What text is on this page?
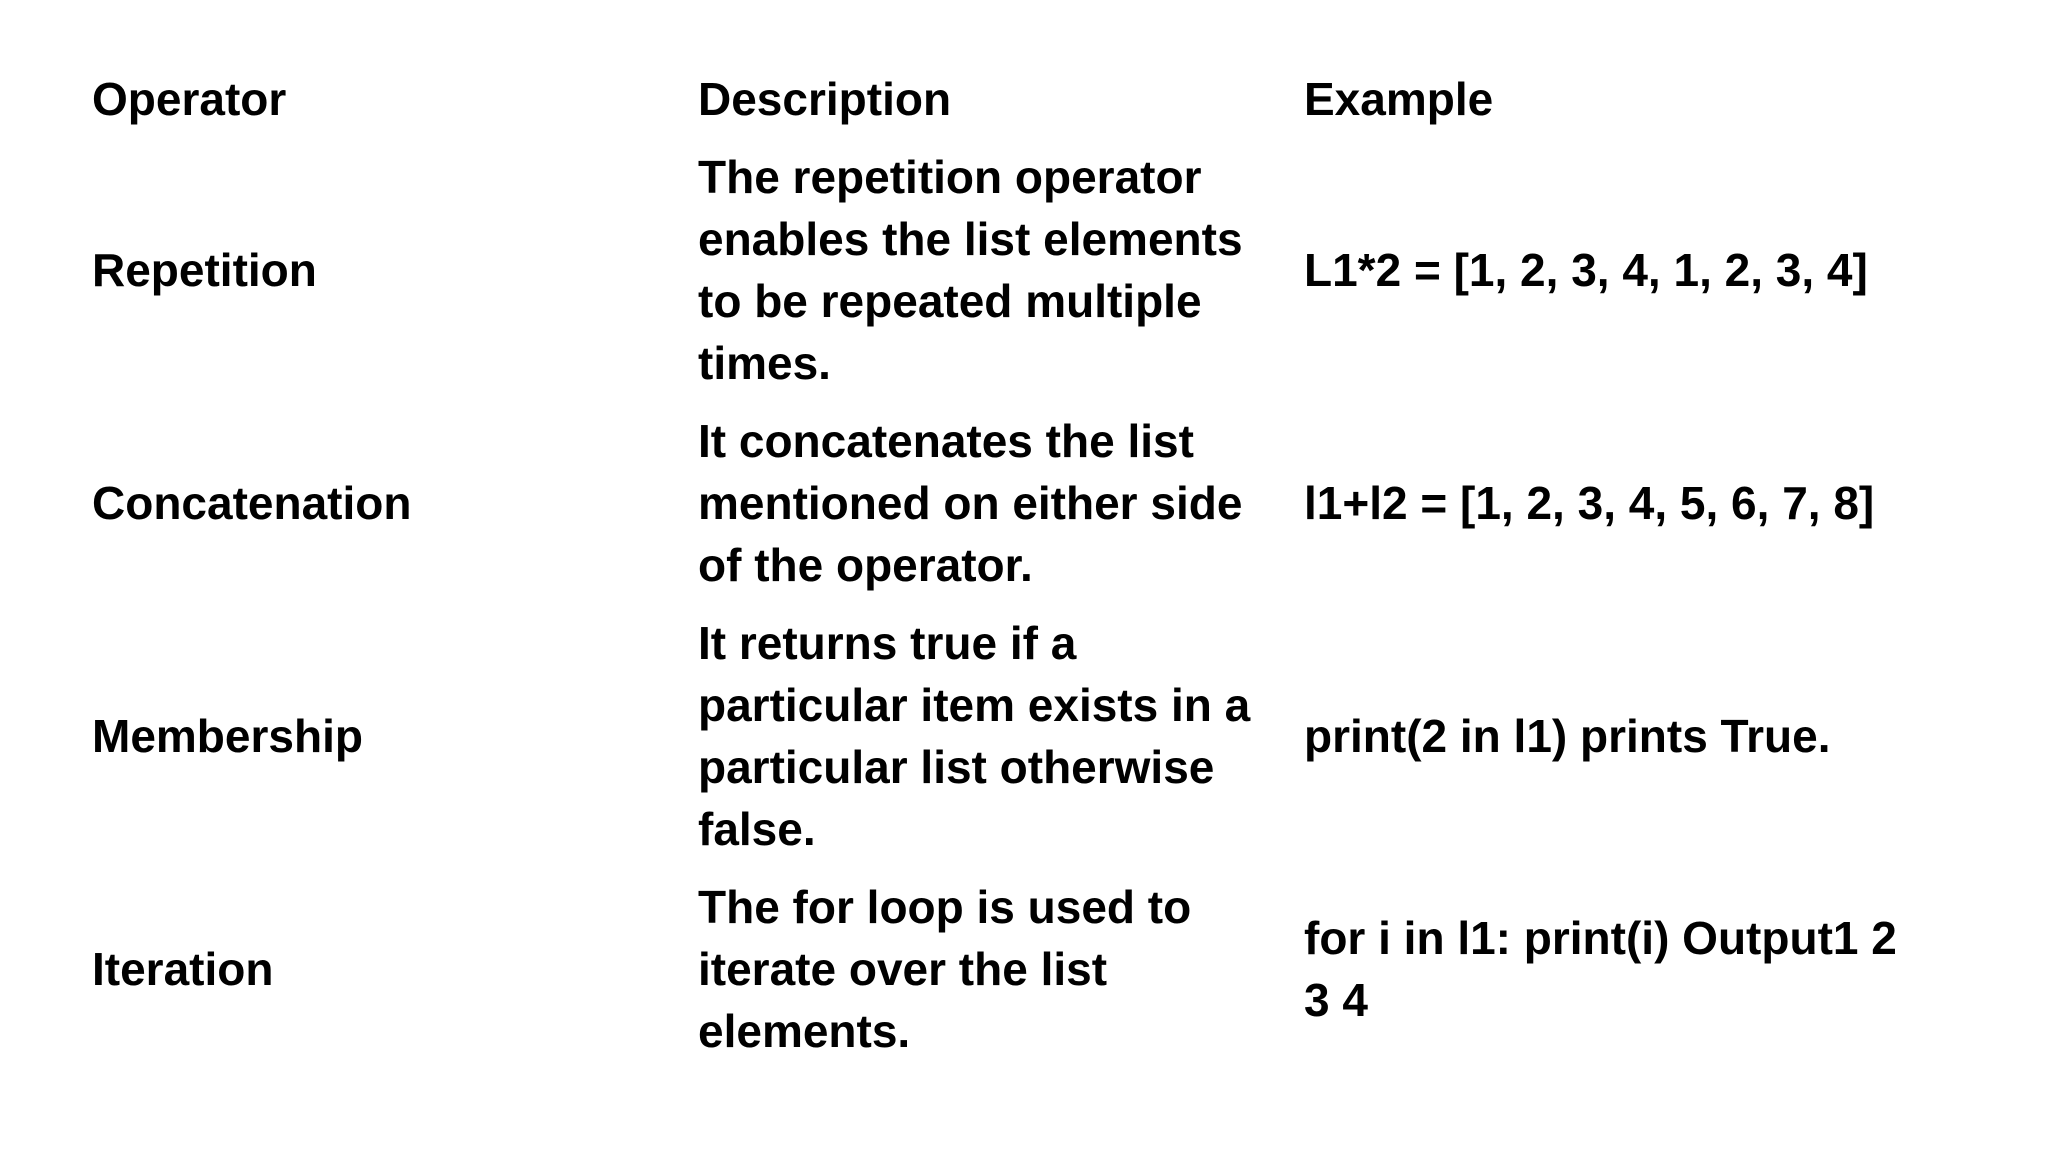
Operator	Description	Example
Repetition	The repetition operator enables the list elements to be repeated multiple times.	L1*2 = [1, 2, 3, 4, 1, 2, 3, 4]
Concatenation	It concatenates the list mentioned on either side of the operator.	l1+l2 = [1, 2, 3, 4, 5, 6, 7, 8]
Membership	It returns true if a particular item exists in a particular list otherwise false.	print(2 in l1) prints True.
Iteration	The for loop is used to iterate over the list elements.	for i in l1: print(i) Output1 2 3 4
